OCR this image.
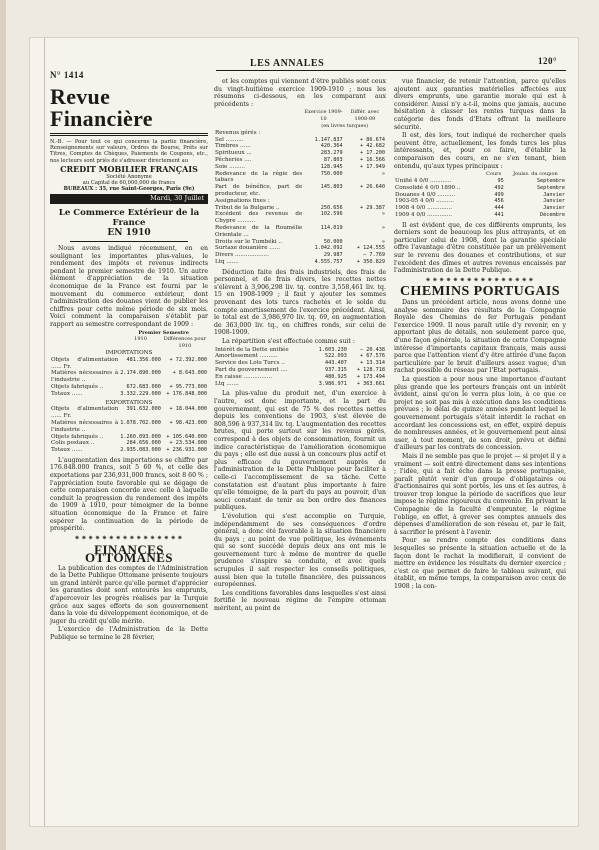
N° 1414
LES ANNALES	120°
Revue Financière
N.-B. — Pour tout ce qui concerne la partie financière, Renseignements sur valeurs, Ordres de Bourse, Prêts sur Titres, Comptes de Chèques, Paiements de Coupons, etc., nos lecteurs sont priés de s'adresser directement au
CREDIT MOBILIER FRANÇAIS
Société Anonyme
au Capital de 60,000,000 de francs
BUREAUX : 35, rue Saint-Georges, Paris (9e)
Mardi, 30 Juillet
Le Commerce Extérieur de la France
EN 1910

Nous avons indiqué récemment, en en soulignant les importantes plus-values, le rendement des impôts et revenus indirects pendant le premier semestre de 1910. Un autre élément d'appréciation de la situation économique de la France est fourni par le mouvement du commerce extérieur, dont l'administration des douanes vient de publier les chiffres pour cette même période de six mois. Voici comment la comparaison s'établit par rapport au semestre correspondant de 1909 :

	Premier Semestre	
	1910	Différences pour 1910
IMPORTATIONS		
Objets d'alimentation ...... Fr.	481.356.000	+ 72.392.000
Matières nécessaires à l'industrie ..	2.174.890.000	+ 8.643.000
Objets fabriqués ..	672.683.000	+ 95.773.000
Totaux ......	3.332.229.000	+ 176.848.000
EXPORTATIONS		
Objets d'alimentation ...... Fr.	391.632.000	+ 18.044.000
Matières nécessaires à l'industrie ..	1.078.702.000	+ 98.423.000
Objets fabriqués ..	1.260.093.000	+ 105.640.000
Colis postaux ..	284.656.000	+ 23.534.000
Totaux ......	2.935.083.000	+ 236.931.000

L'augmentation des importations se chiffre par 176.848.000 francs, soit 5 60 %, et celle des exportations par 236,931,000 francs, soit 8 60 % ; l'appréciation toute favorable qui se dégage de cette comparaison concorde avec celle à laquelle conduit la progression du rendement des impôts de 1909 à 1910, pour témoigner de la bonne situation économique de la France et faire espérer la continuation de la période de prospérité.

⁕⁕⁕⁕⁕⁕⁕⁕⁕⁕⁕⁕⁕⁕⁕⁕
FINANCES OTTOMANES

La publication des comptes de l'Administration de la Dette Publique Ottomane présente toujours un grand intérêt parce qu'elle permet d'apprécier les garanties dont sont entourés les emprunts, d'apercevoir les progrès réalisés par la Turquie grâce aux sages efforts de son gouvernement dans la voie du développement économique, et de juger du crédit qu'elle mérite.

L'exercice de l'Administration de la Dette Publique se termine le 28 février,

et les comptes qui viennent d'être publiés sont ceux du vingt-huitième exercice 1909-1910 ; nous les résumons ci-dessous, en les comparant aux précédents :

	Exercice 1909-10	Différ. avec 1908-09
	(en livres turques)	
Revenus gérés :		
Sel ..........	1.147.837	+ 86.674
Timbres ......	420.364	+ 42.682
Spiritueux ...	283.279	+ 17.200
Pêcheries ....	87.803	+ 16.566
Soie .........	128.945	+ 17.949
Redevance de la régie des tabacs	750.000	»
Part de bénéfice, part de producteur, etc.	145.803	+ 26.640
Assignations fixes :		
Tribut de la Bulgarie ..	250.656	+ 29.387
Excédent des revenus de Chypre ..........	102.596	»
Redevance de la Roumélie Orientale ...	114.019	»
Droits sur le Tumbéki ..	50.000	»
Surtaxe douanière ......	1.042.092	+ 124.555
Divers ...................	29.987	— 7.769
Ltq .......	4.555.757	+ 350.829

Déduction faite des frais industriels, des frais de personnel, et de frais divers, les recettes nettes s'élèvent à 3,906,298 liv. tq. contre 3,558,461 liv. tq. 15 en 1908-1909 ; il faut y ajouter les sommes provenant des lots turcs rachetés et le solde du compte amortissement de l'exercice précédent. Ainsi, le total est de 3,986,970 liv. tq. 69, en augmentation de 363,000 liv. tq., en chiffres ronds, sur celui de 1908-1909.

La répartition s'est effectuée comme suit :

Intérêt de la Dette unifiée	1.603.230	— 20.438
Amortissement ..........	522.093	+ 67.576
Service des Lots Turcs ..	443.407	+ 13.314
Part du gouvernement ....	937.315	+ 128.718
En caisse ................	480.925	+ 173.494
Ltq .......	3.986.971	+ 363.661

La plus-value du produit net, d'un exercice à l'autre, est donc importante, et la part du gouvernement, qui est de 75 % des recettes nettes depuis les conventions de 1903, s'est élevée de 808,596 à 937,314 liv. tq. L'augmentation des recettes brutes, qui porte surtout sur les revenus gérés, correspond à des objets de consommation, fournit un indice caractéristique de l'amélioration économique du pays ; elle est due aussi à un concours plus actif et plus efficace du gouvernement auprès de l'administration de la Dette Publique pour faciliter à celle-ci l'accomplissement de sa tâche. Cette constatation est d'autant plus importante à faire qu'elle témoigne, de la part du pays au pouvoir, d'un souci constant de tenir au bon ordre des finances publiques.

L'évolution qui s'est accomplie en Turquie, indépendamment de ses conséquences d'ordre général, a donc été favorable à la situation financière du pays ; au point de vue politique, les événements qui se sont succédé depuis deux ans ont mis le gouvernement turc à même de montrer de quelle prudence s'inspire sa conduite, et avec quels scrupules il sait respecter les conseils politiques, aussi bien que la tutelle financière, des puissances européennes.

Les conditions favorables dans lesquelles s'est ainsi fortifié le nouveau régime de l'empire ottoman méritent, au point de

vue financier, de retenir l'attention, parce qu'elles ajoutent aux garanties matérielles affectées aux divers emprunts, une garantie morale qui est à considérer. Aussi n'y a-t-il, moins que jamais, aucune hésitation à classer les rentes turques dans la catégorie des fonds d'Etats offrant la meilleure sécurité.

Il est, dès lors, tout indiqué de rechercher quels peuvent être, actuellement, les fonds turcs les plus intéressants, et, pour ce faire, d'établir la comparaison des cours, en ne s'en tenant, bien entendu, qu'aux types principaux :

	Cours	Jouiss. du coupon
Unifié 4 0/0 ............	95	Septembre
Consolidé 4 0/0 1890 ..	492	Septembre
Douanes 4 0/0 ..........	499	Janvier
1903-05 4 0/0 ..........	456	Janvier
1908 4 0/0 ..............	444	Janvier
1909 4 0/0 ..............	441	Décembre

Il est évident que, de ces différents emprunts, les derniers sont de beaucoup les plus attrayants, et en particulier celui de 1908, dont la garantie spéciale offre l'avantage d'être constituée par un prélèvement sur le revenu des douanes et contributions, et sur l'excédent des dîmes et autres revenus encaissés par l'administration de la Dette Publique.

⁕⁕⁕⁕⁕⁕⁕⁕⁕⁕⁕⁕⁕⁕⁕⁕
CHEMINS PORTUGAIS

Dans un précédent article, nous avons donné une analyse sommaire des résultats de la Compagnie Royale des Chemins de fer Portugais pendant l'exercice 1909. Il nous paraît utile d'y revenir, en y apportant plus de détails, non seulement parce que, d'une façon générale, la situation de cette Compagnie intéresse d'importants capitaux français, mais aussi parce que l'attention vient d'y être attirée d'une façon particulière par le bruit d'ailleurs assez vague, d'un rachat possible du réseau par l'Etat portugais.

La question a pour nous une importance d'autant plus grande que les porteurs français ont un intérêt évident, ainsi qu'on le verra plus loin, à ce que ce projet ne soit pas mis à exécution dans les conditions prévues ; le délai de quinze années pendant lequel le gouvernement portugais s'était interdit le rachat en accordant les concessions est, en effet, expiré depuis de nombreuses années, et le gouvernement peut ainsi user, à tout moment, de son droit, prévu et défini d'ailleurs par les contrats de concession.

Mais il ne semble pas que le projet — si projet il y a vraiment — soit entré directement dans ses intentions ; l'idée, qui a fait écho dans la presse portugaise, paraît plutôt venir d'un groupe d'obligataires ou d'actionnaires qui sont portés, les uns et les autres, à trouver trop longue la période de sacrifices que leur impose le régime rigoureux du convenio. En privant la Compagnie de la faculté d'emprunter, le régime l'oblige, en effet, à grever ses comptes annuels des dépenses d'amélioration de son réseau et, par le fait, à sacrifier le présent à l'avenir.

Pour se rendre compte des conditions dans lesquelles se présente la situation actuelle et de la façon dont le rachat la modifierait, il convient de mettre en évidence les résultats du dernier exercice ; c'est ce que permet de faire le tableau suivant, qui établit, en même temps, la comparaison avec ceux de 1908 ; la con-
